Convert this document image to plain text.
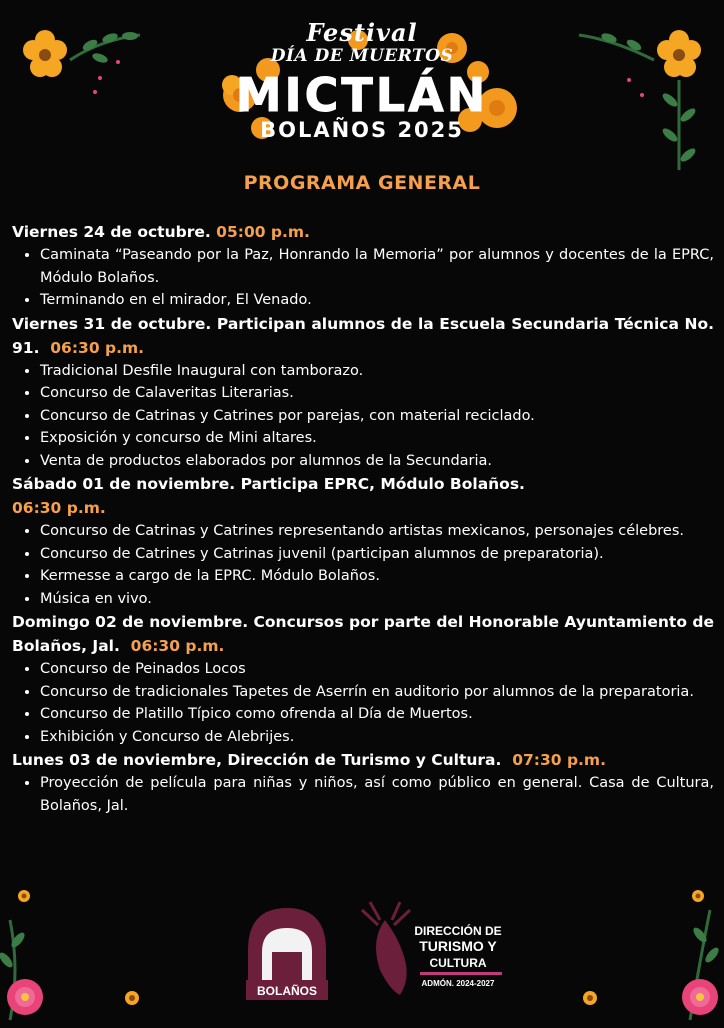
Festival
DÍA DE MUERTOS
MICTLÁN
BOLAÑOS 2025
PROGRAMA GENERAL
Viernes 24 de octubre. 05:00 p.m.
• Caminata “Paseando por la Paz, Honrando la Memoria” por alumnos y docentes de la EPRC, Módulo Bolaños.
• Terminando en el mirador, El Venado.
Viernes 31 de octubre. Participan alumnos de la Escuela Secundaria Técnica No. 91. 06:30 p.m.
• Tradicional Desfile Inaugural con tamborazo.
• Concurso de Calaveritas Literarias.
• Concurso de Catrinas y Catrines por parejas, con material reciclado.
• Exposición y concurso de Mini altares.
• Venta de productos elaborados por alumnos de la Secundaria.
Sábado 01 de noviembre. Participa EPRC, Módulo Bolaños.
06:30 p.m.
• Concurso de Catrinas y Catrines representando artistas mexicanos, personajes célebres.
• Concurso de Catrines y Catrinas juvenil (participan alumnos de preparatoria).
• Kermesse a cargo de la EPRC. Módulo Bolaños.
• Música en vivo.
Domingo 02 de noviembre. Concursos por parte del Honorable Ayuntamiento de Bolaños, Jal. 06:30 p.m.
• Concurso de Peinados Locos
• Concurso de tradicionales Tapetes de Aserrín en auditorio por alumnos de la preparatoria.
• Concurso de Platillo Típico como ofrenda al Día de Muertos.
• Exhibición y Concurso de Alebrijes.
Lunes 03 de noviembre, Dirección de Turismo y Cultura. 07:30 p.m.
• Proyección de película para niñas y niños, así como público en general. Casa de Cultura, Bolaños, Jal.
BOLAÑOS
DIRECCIÓN DE
TURISMO Y
CULTURA
ADMÓN. 2024-2027
